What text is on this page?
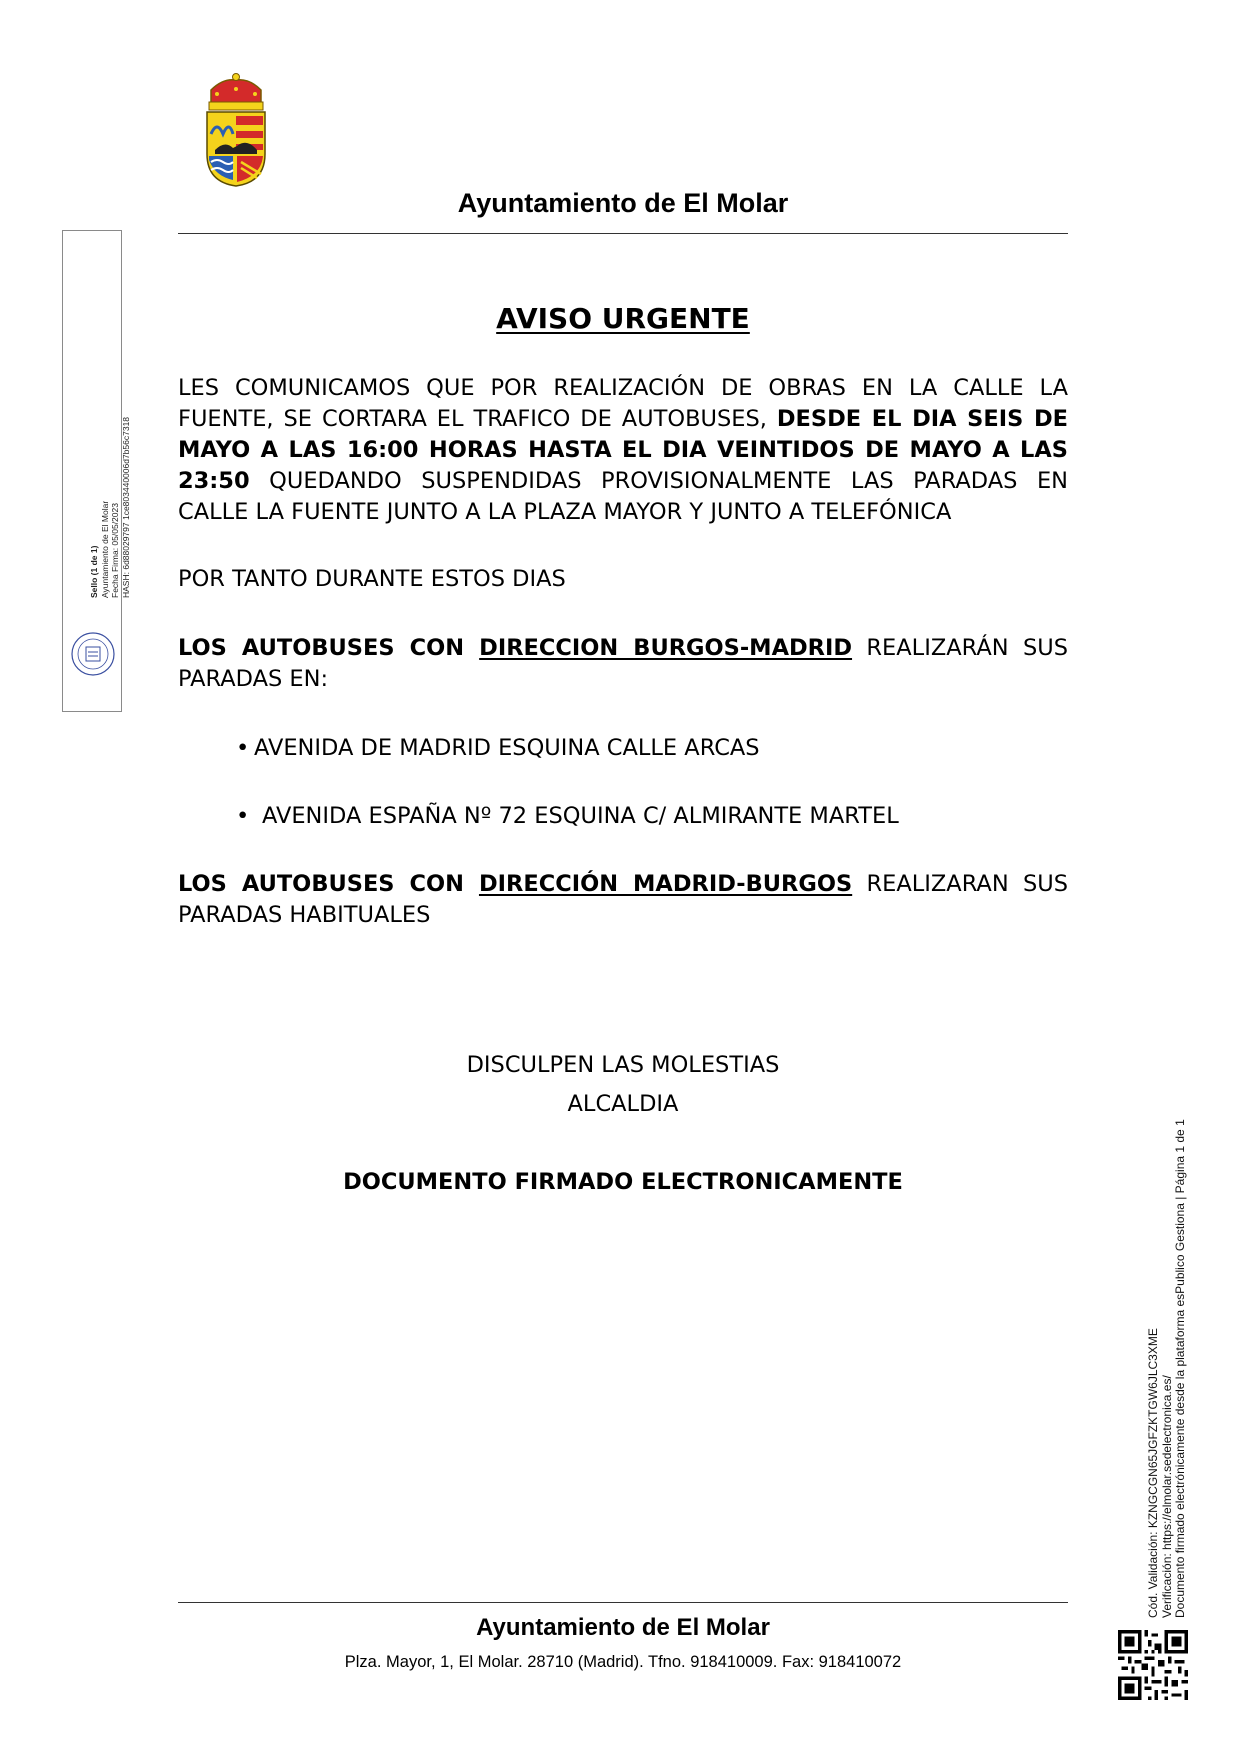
Ayuntamiento de El Molar
Sello (1 de 1) Ayuntamiento de El Molar Fecha Firma: 05/05/2023 HASH: 6d88029797 1ce803440006d7b56c7318
AVISO URGENTE
LES COMUNICAMOS QUE POR REALIZACIÓN DE OBRAS EN LA CALLE LA FUENTE, SE CORTARA EL TRAFICO DE AUTOBUSES, DESDE EL DIA SEIS DE MAYO A LAS 16:00 HORAS HASTA EL DIA VEINTIDOS DE MAYO A LAS 23:50 QUEDANDO SUSPENDIDAS PROVISIONALMENTE LAS PARADAS EN CALLE LA FUENTE JUNTO A LA PLAZA MAYOR Y JUNTO A TELEFÓNICA
POR TANTO DURANTE ESTOS DIAS
LOS AUTOBUSES CON DIRECCION BURGOS-MADRID REALIZARÁN SUS PARADAS EN:
• AVENIDA DE MADRID ESQUINA CALLE ARCAS
• AVENIDA ESPAÑA Nº 72 ESQUINA C/ ALMIRANTE MARTEL
LOS AUTOBUSES CON DIRECCIÓN MADRID-BURGOS REALIZARAN SUS PARADAS HABITUALES
DISCULPEN LAS MOLESTIAS
ALCALDIA
DOCUMENTO FIRMADO ELECTRONICAMENTE
Ayuntamiento de El Molar
Plza. Mayor, 1, El Molar. 28710 (Madrid). Tfno. 918410009. Fax: 918410072
Cód. Validación: KZNGCGN65JGFZKTGW6JLC3XME Verificación: https://elmolar.sedelectronica.es/ Documento firmado electrónicamente desde la plataforma esPublico Gestiona | Página 1 de 1
